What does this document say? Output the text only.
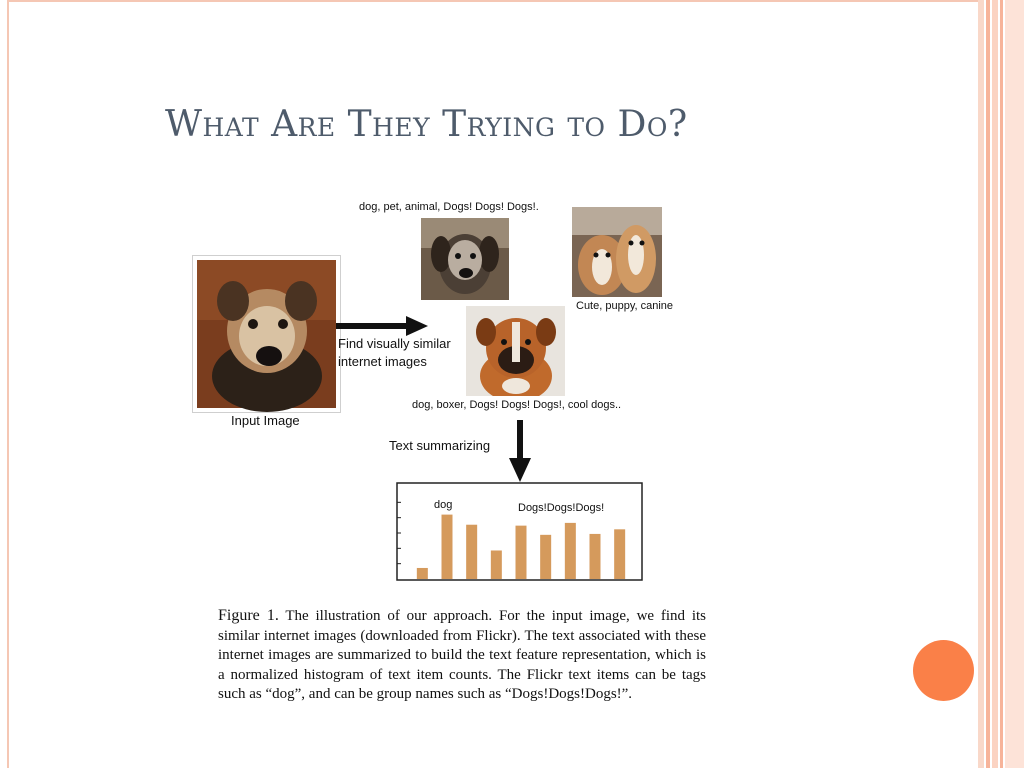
What Are They Trying to Do?
Input Image
Find visually similar
internet images
dog, pet, animal, Dogs! Dogs! Dogs!.
Cute, puppy, canine
dog, boxer, Dogs! Dogs! Dogs!, cool dogs..
Text summarizing
dog	Dogs!Dogs!Dogs!

Figure 1. The illustration of our approach. For the input image, we find its similar internet images (downloaded from Flickr). The text associated with these internet images are summarized to build the text feature representation, which is a normalized histogram of text item counts. The Flickr text items can be tags such as “dog”, and can be group names such as “Dogs!Dogs!Dogs!”.
